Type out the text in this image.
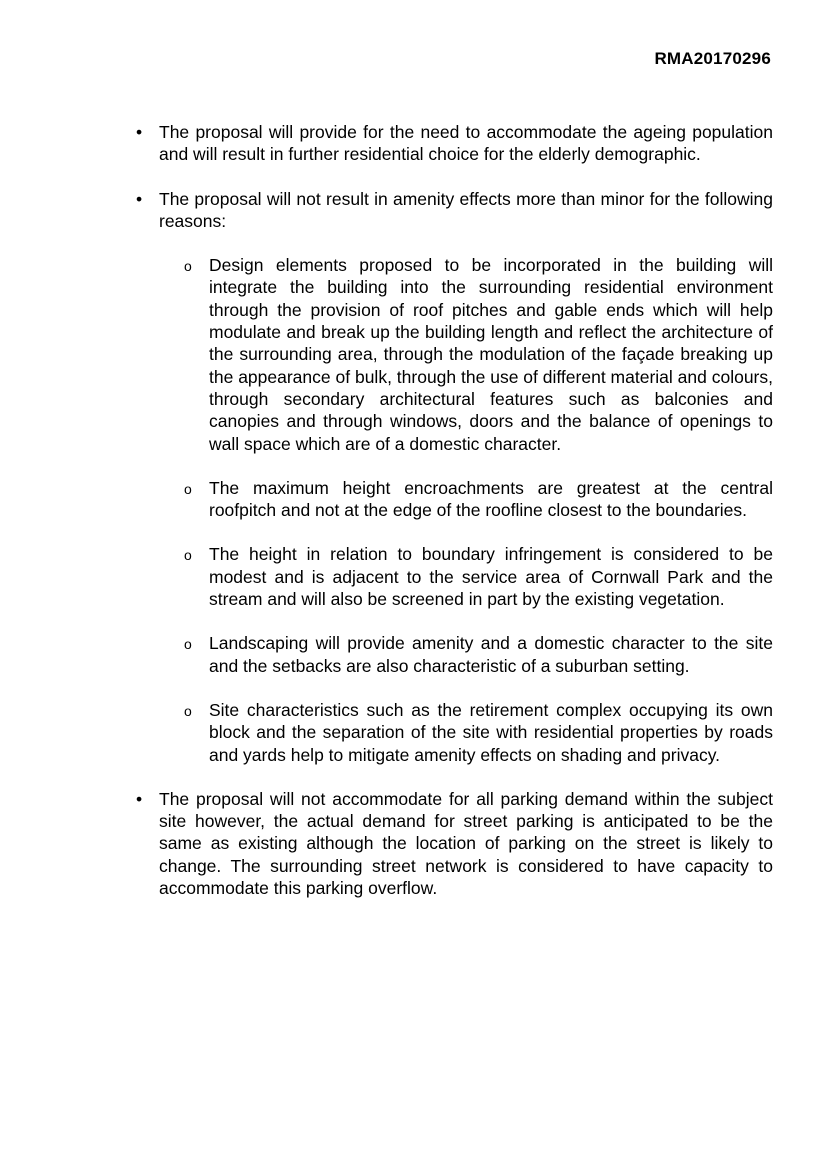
RMA20170296
• The proposal will provide for the need to accommodate the ageing population and will result in further residential choice for the elderly demographic.
• The proposal will not result in amenity effects more than minor for the following reasons:
o Design elements proposed to be incorporated in the building will integrate the building into the surrounding residential environment through the provision of roof pitches and gable ends which will help modulate and break up the building length and reflect the architecture of the surrounding area, through the modulation of the façade breaking up the appearance of bulk, through the use of different material and colours, through secondary architectural features such as balconies and canopies and through windows, doors and the balance of openings to wall space which are of a domestic character.
o The maximum height encroachments are greatest at the central roofpitch and not at the edge of the roofline closest to the boundaries.
o The height in relation to boundary infringement is considered to be modest and is adjacent to the service area of Cornwall Park and the stream and will also be screened in part by the existing vegetation.
o Landscaping will provide amenity and a domestic character to the site and the setbacks are also characteristic of a suburban setting.
o Site characteristics such as the retirement complex occupying its own block and the separation of the site with residential properties by roads and yards help to mitigate amenity effects on shading and privacy.
• The proposal will not accommodate for all parking demand within the subject site however, the actual demand for street parking is anticipated to be the same as existing although the location of parking on the street is likely to change. The surrounding street network is considered to have capacity to accommodate this parking overflow.
